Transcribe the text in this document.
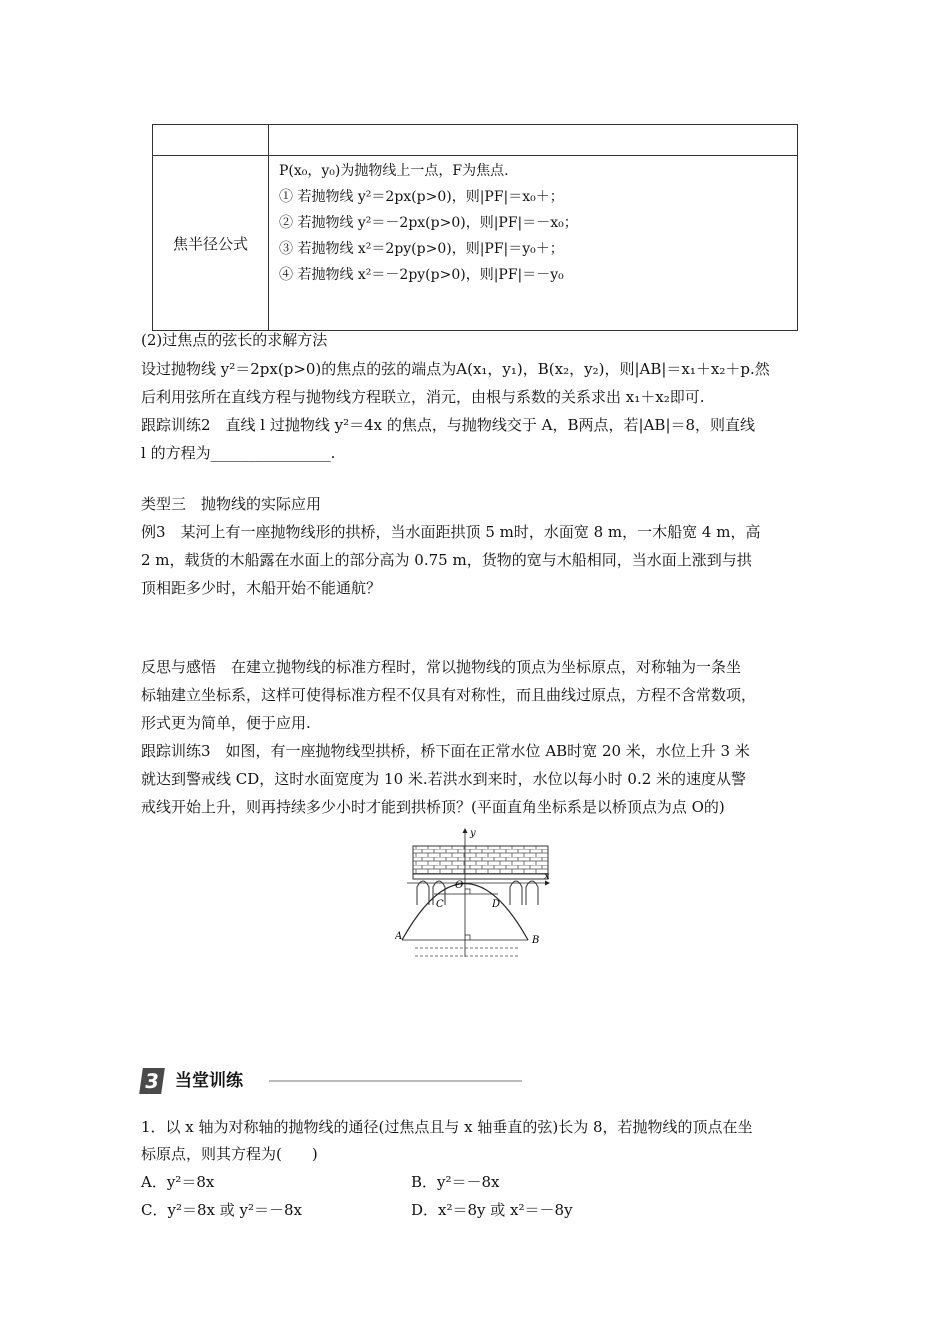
焦半径公式
P(x₀，y₀)为抛物线上一点，F为焦点.
① 若抛物线 y²＝2px(p>0)，则|PF|＝x₀＋；
② 若抛物线 y²＝－2px(p>0)，则|PF|＝－x₀；
③ 若抛物线 x²＝2py(p>0)，则|PF|＝y₀＋；
④ 若抛物线 x²＝－2py(p>0)，则|PF|＝－y₀
(2)过焦点的弦长的求解方法
设过抛物线 y²＝2px(p>0)的焦点的弦的端点为A(x₁，y₁)，B(x₂，y₂)，则|AB|＝x₁＋x₂＋p.然
后利用弦所在直线方程与抛物线方程联立，消元，由根与系数的关系求出 x₁＋x₂即可.
跟踪训练2　直线 l 过抛物线 y²＝4x 的焦点，与抛物线交于 A，B两点，若|AB|＝8，则直线
l 的方程为________________.
类型三　抛物线的实际应用
例3　某河上有一座抛物线形的拱桥，当水面距拱顶 5 m时，水面宽 8 m，一木船宽 4 m，高
2 m，载货的木船露在水面上的部分高为 0.75 m，货物的宽与木船相同，当水面上涨到与拱
顶相距多少时，木船开始不能通航？
反思与感悟　在建立抛物线的标准方程时，常以抛物线的顶点为坐标原点，对称轴为一条坐
标轴建立坐标系，这样可使得标准方程不仅具有对称性，而且曲线过原点，方程不含常数项，
形式更为简单，便于应用.
跟踪训练3　如图，有一座抛物线型拱桥，桥下面在正常水位 AB时宽 20 米，水位上升 3 米
就达到警戒线 CD，这时水面宽度为 10 米.若洪水到来时，水位以每小时 0.2 米的速度从警
戒线开始上升，则再持续多少小时才能到拱桥顶？(平面直角坐标系是以桥顶点为点 O的)
y
x
O
C	D
A	B
3 当堂训练
1．以 x 轴为对称轴的抛物线的通径(过焦点且与 x 轴垂直的弦)长为 8，若抛物线的顶点在坐
标原点，则其方程为(　　)
A．y²＝8x	B．y²＝－8x
C．y²＝8x 或 y²＝－8x	D．x²＝8y 或 x²＝－8y
